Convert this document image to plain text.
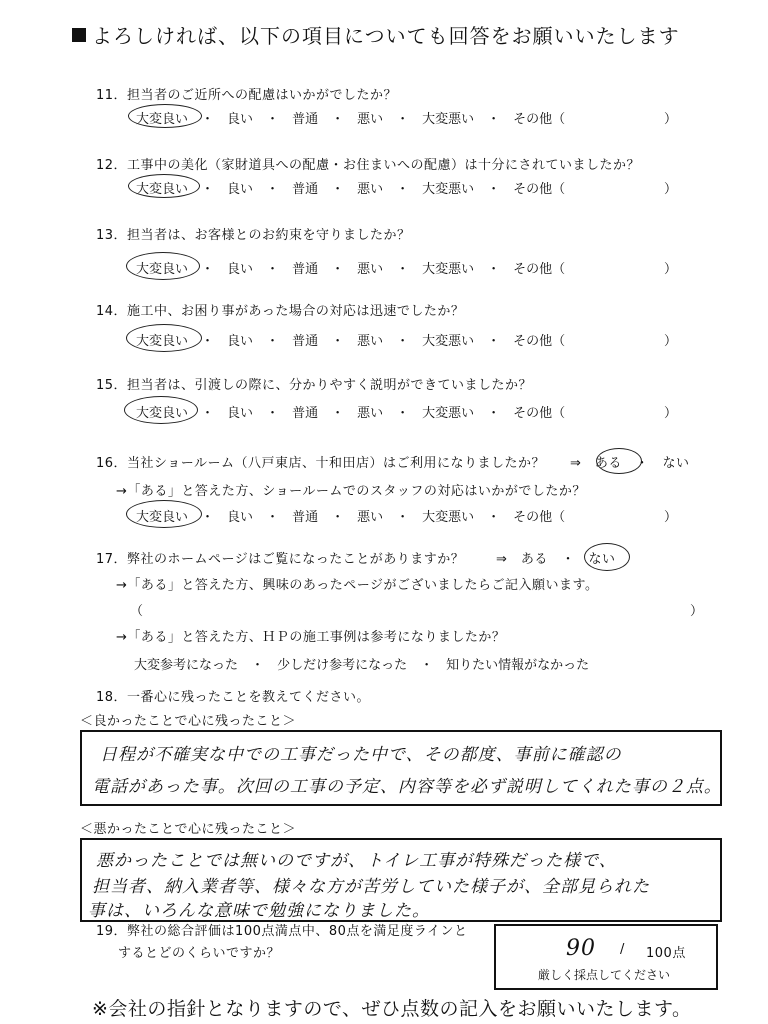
よろしければ、以下の項目についても回答をお願いいたします
11．担当者のご近所への配慮はいかがでしたか？
大変良い　・　良い　・　普通　・　悪い　・　大変悪い　・　その他（	）
12．工事中の美化（家財道具への配慮・お住まいへの配慮）は十分にされていましたか？
大変良い　・　良い　・　普通　・　悪い　・　大変悪い　・　その他（	）
13．担当者は、お客様とのお約束を守りましたか？
大変良い　・　良い　・　普通　・　悪い　・　大変悪い　・　その他（	）
14．施工中、お困り事があった場合の対応は迅速でしたか？
大変良い　・　良い　・　普通　・　悪い　・　大変悪い　・　その他（	）
15．担当者は、引渡しの際に、分かりやすく説明ができていましたか？
大変良い　・　良い　・　普通　・　悪い　・　大変悪い　・　その他（	）
16．当社ショールーム（八戸東店、十和田店）はご利用になりましたか？ ⇒　 ある　・　ない
→「ある」と答えた方、ショールームでのスタッフの対応はいかがでしたか？
大変良い　・　良い　・　普通　・　悪い　・　大変悪い　・　その他（	）
17．弊社のホームページはご覧になったことがありますか？ ⇒　 ある　・　ない
→「ある」と答えた方、興味のあったページがございましたらご記入願います。
（	）
→「ある」と答えた方、ＨＰの施工事例は参考になりましたか？
大変参考になった　 ・　 少しだけ参考になった　 ・　 知りたい情報がなかった
18．一番心に残ったことを教えてください。
＜良かったことで心に残ったこと＞
日程が不確実な中での工事だった中で、その都度、事前に確認の
電話があった事。次回の工事の予定、内容等を必ず説明してくれた事の２点。
＜悪かったことで心に残ったこと＞
悪かったことでは無いのですが、トイレ工事が特殊だった様で、
担当者、納入業者等、様々な方が苦労していた様子が、全部見られた
事は、いろんな意味で勉強になりました。
19．弊社の総合評価は100点満点中、80点を満足度ラインと
するとどのくらいですか？	90 / 100点
厳しく採点してください
※会社の指針となりますので、ぜひ点数の記入をお願いいたします。
